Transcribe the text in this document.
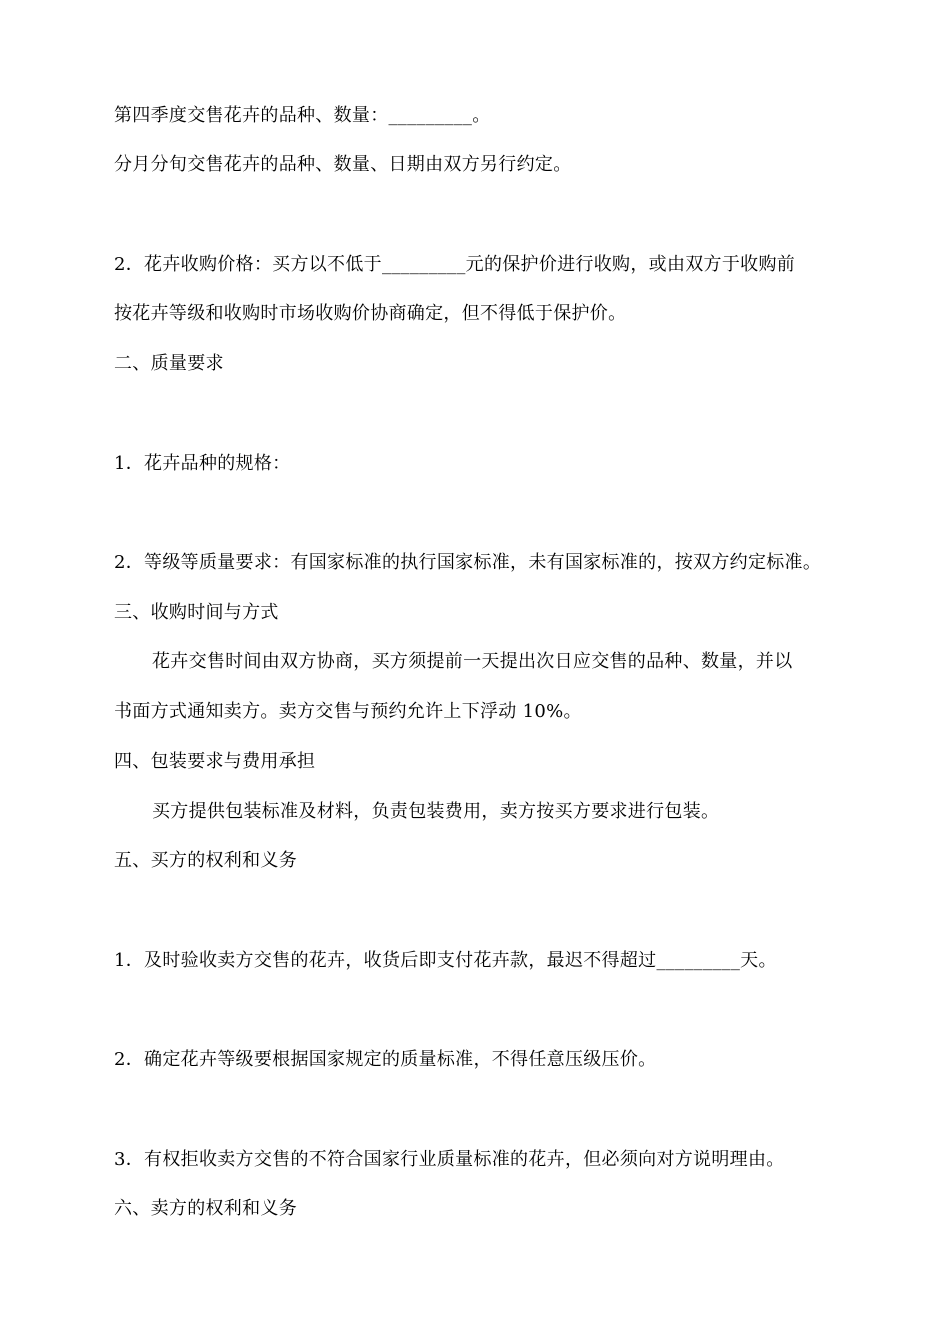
第四季度交售花卉的品种、数量：_________。
分月分旬交售花卉的品种、数量、日期由双方另行约定。
2．花卉收购价格：买方以不低于_________元的保护价进行收购，或由双方于收购前
按花卉等级和收购时市场收购价协商确定，但不得低于保护价。
二、质量要求
1．花卉品种的规格：
2．等级等质量要求：有国家标准的执行国家标准，未有国家标准的，按双方约定标准。
三、收购时间与方式
花卉交售时间由双方协商，买方须提前一天提出次日应交售的品种、数量，并以
书面方式通知卖方。卖方交售与预约允许上下浮动 10%。
四、包装要求与费用承担
买方提供包装标准及材料，负责包装费用，卖方按买方要求进行包装。
五、买方的权利和义务
1．及时验收卖方交售的花卉，收货后即支付花卉款，最迟不得超过_________天。
2．确定花卉等级要根据国家规定的质量标准，不得任意压级压价。
3．有权拒收卖方交售的不符合国家行业质量标准的花卉，但必须向对方说明理由。
六、卖方的权利和义务
